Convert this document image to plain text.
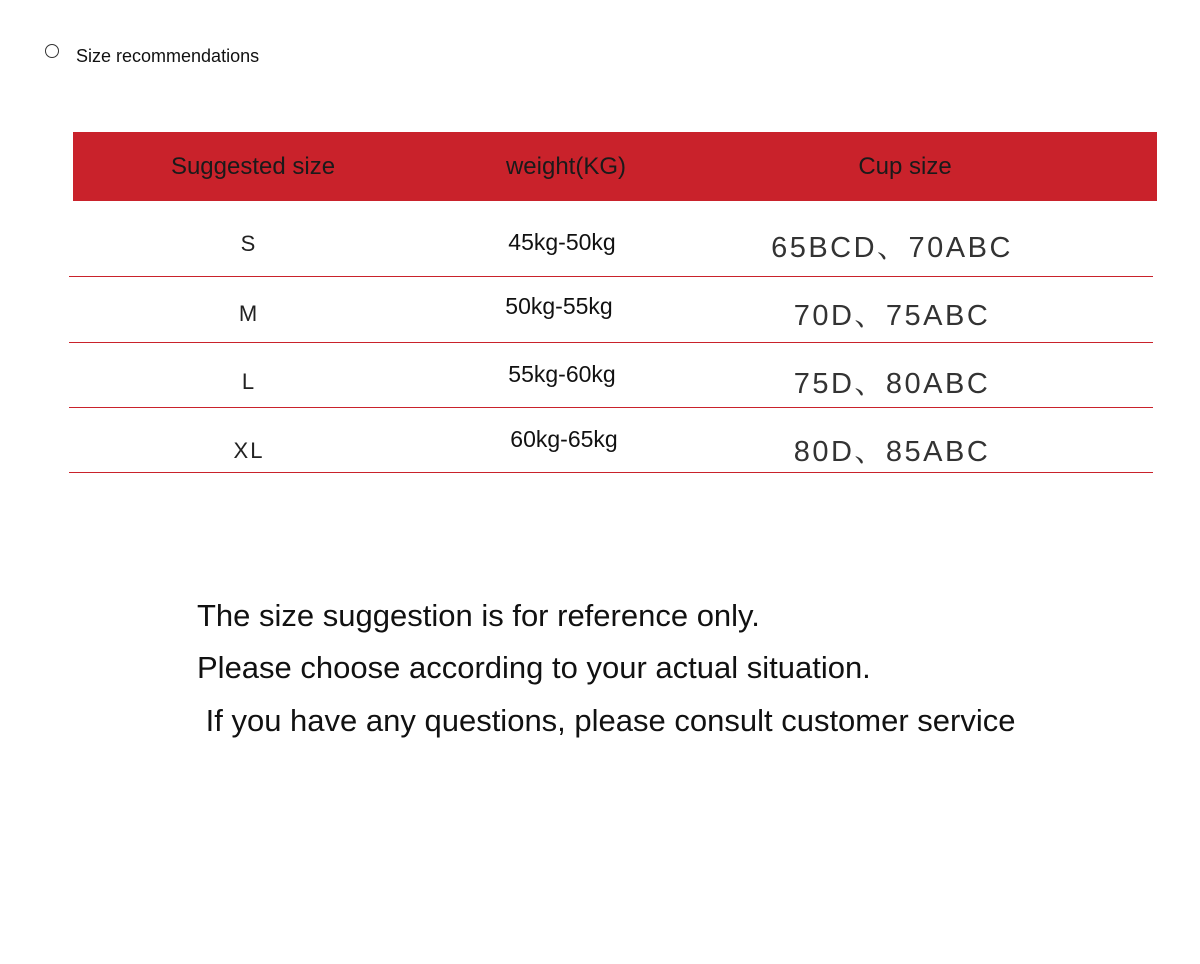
Size recommendations
Suggested size	weight(KG)	Cup size
S	45kg-50kg	65BCD、70ABC
M	50kg-55kg	70D、75ABC
L	55kg-60kg	75D、80ABC
XL	60kg-65kg	80D、85ABC
The size suggestion is for reference only.
Please choose according to your actual situation.
If you have any questions, please consult customer service
